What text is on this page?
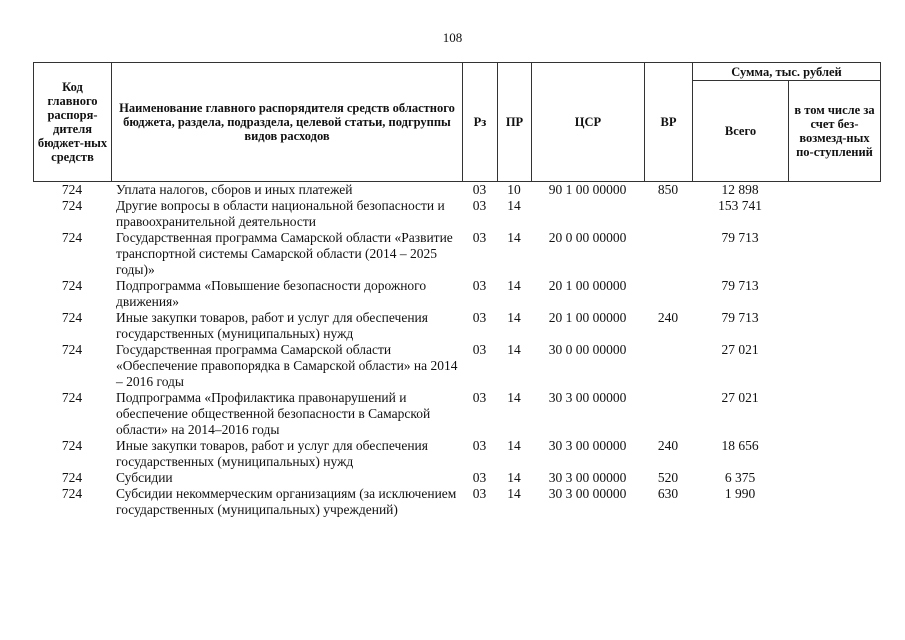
108
Код главного распоря-дителя бюджет-ных средств	Наименование главного распорядителя средств областного бюджета, раздела, подраздела, целевой статьи, подгруппы видов расходов	Рз	ПР	ЦСР	ВР	Сумма, тыс. рублей	
						Всего	в том числе за счет без-возмезд-ных по-ступлений
724	Уплата налогов, сборов и иных платежей	03	10	90 1 00 00000	850	12 898	
724	Другие вопросы в области национальной безопасности и правоохранительной деятельности	03	14			153 741	
724	Государственная программа Самарской области «Развитие транспортной системы Самарской области (2014 – 2025 годы)»	03	14	20 0 00 00000		79 713	
724	Подпрограмма «Повышение безопасности дорожного движения»	03	14	20 1 00 00000		79 713	
724	Иные закупки товаров, работ и услуг для обеспечения государственных (муниципальных) нужд	03	14	20 1 00 00000	240	79 713	
724	Государственная программа Самарской области «Обеспечение правопорядка в Самарской области» на 2014 – 2016 годы	03	14	30 0 00 00000		27 021	
724	Подпрограмма «Профилактика правонарушений и обеспечение общественной безопасности в Самарской области» на 2014–2016 годы	03	14	30 3 00 00000		27 021	
724	Иные закупки товаров, работ и услуг для обеспечения государственных (муниципальных) нужд	03	14	30 3 00 00000	240	18 656	
724	Субсидии	03	14	30 3 00 00000	520	6 375	
724	Субсидии некоммерческим организациям (за исключением государственных (муниципальных) учреждений)	03	14	30 3 00 00000	630	1 990	
